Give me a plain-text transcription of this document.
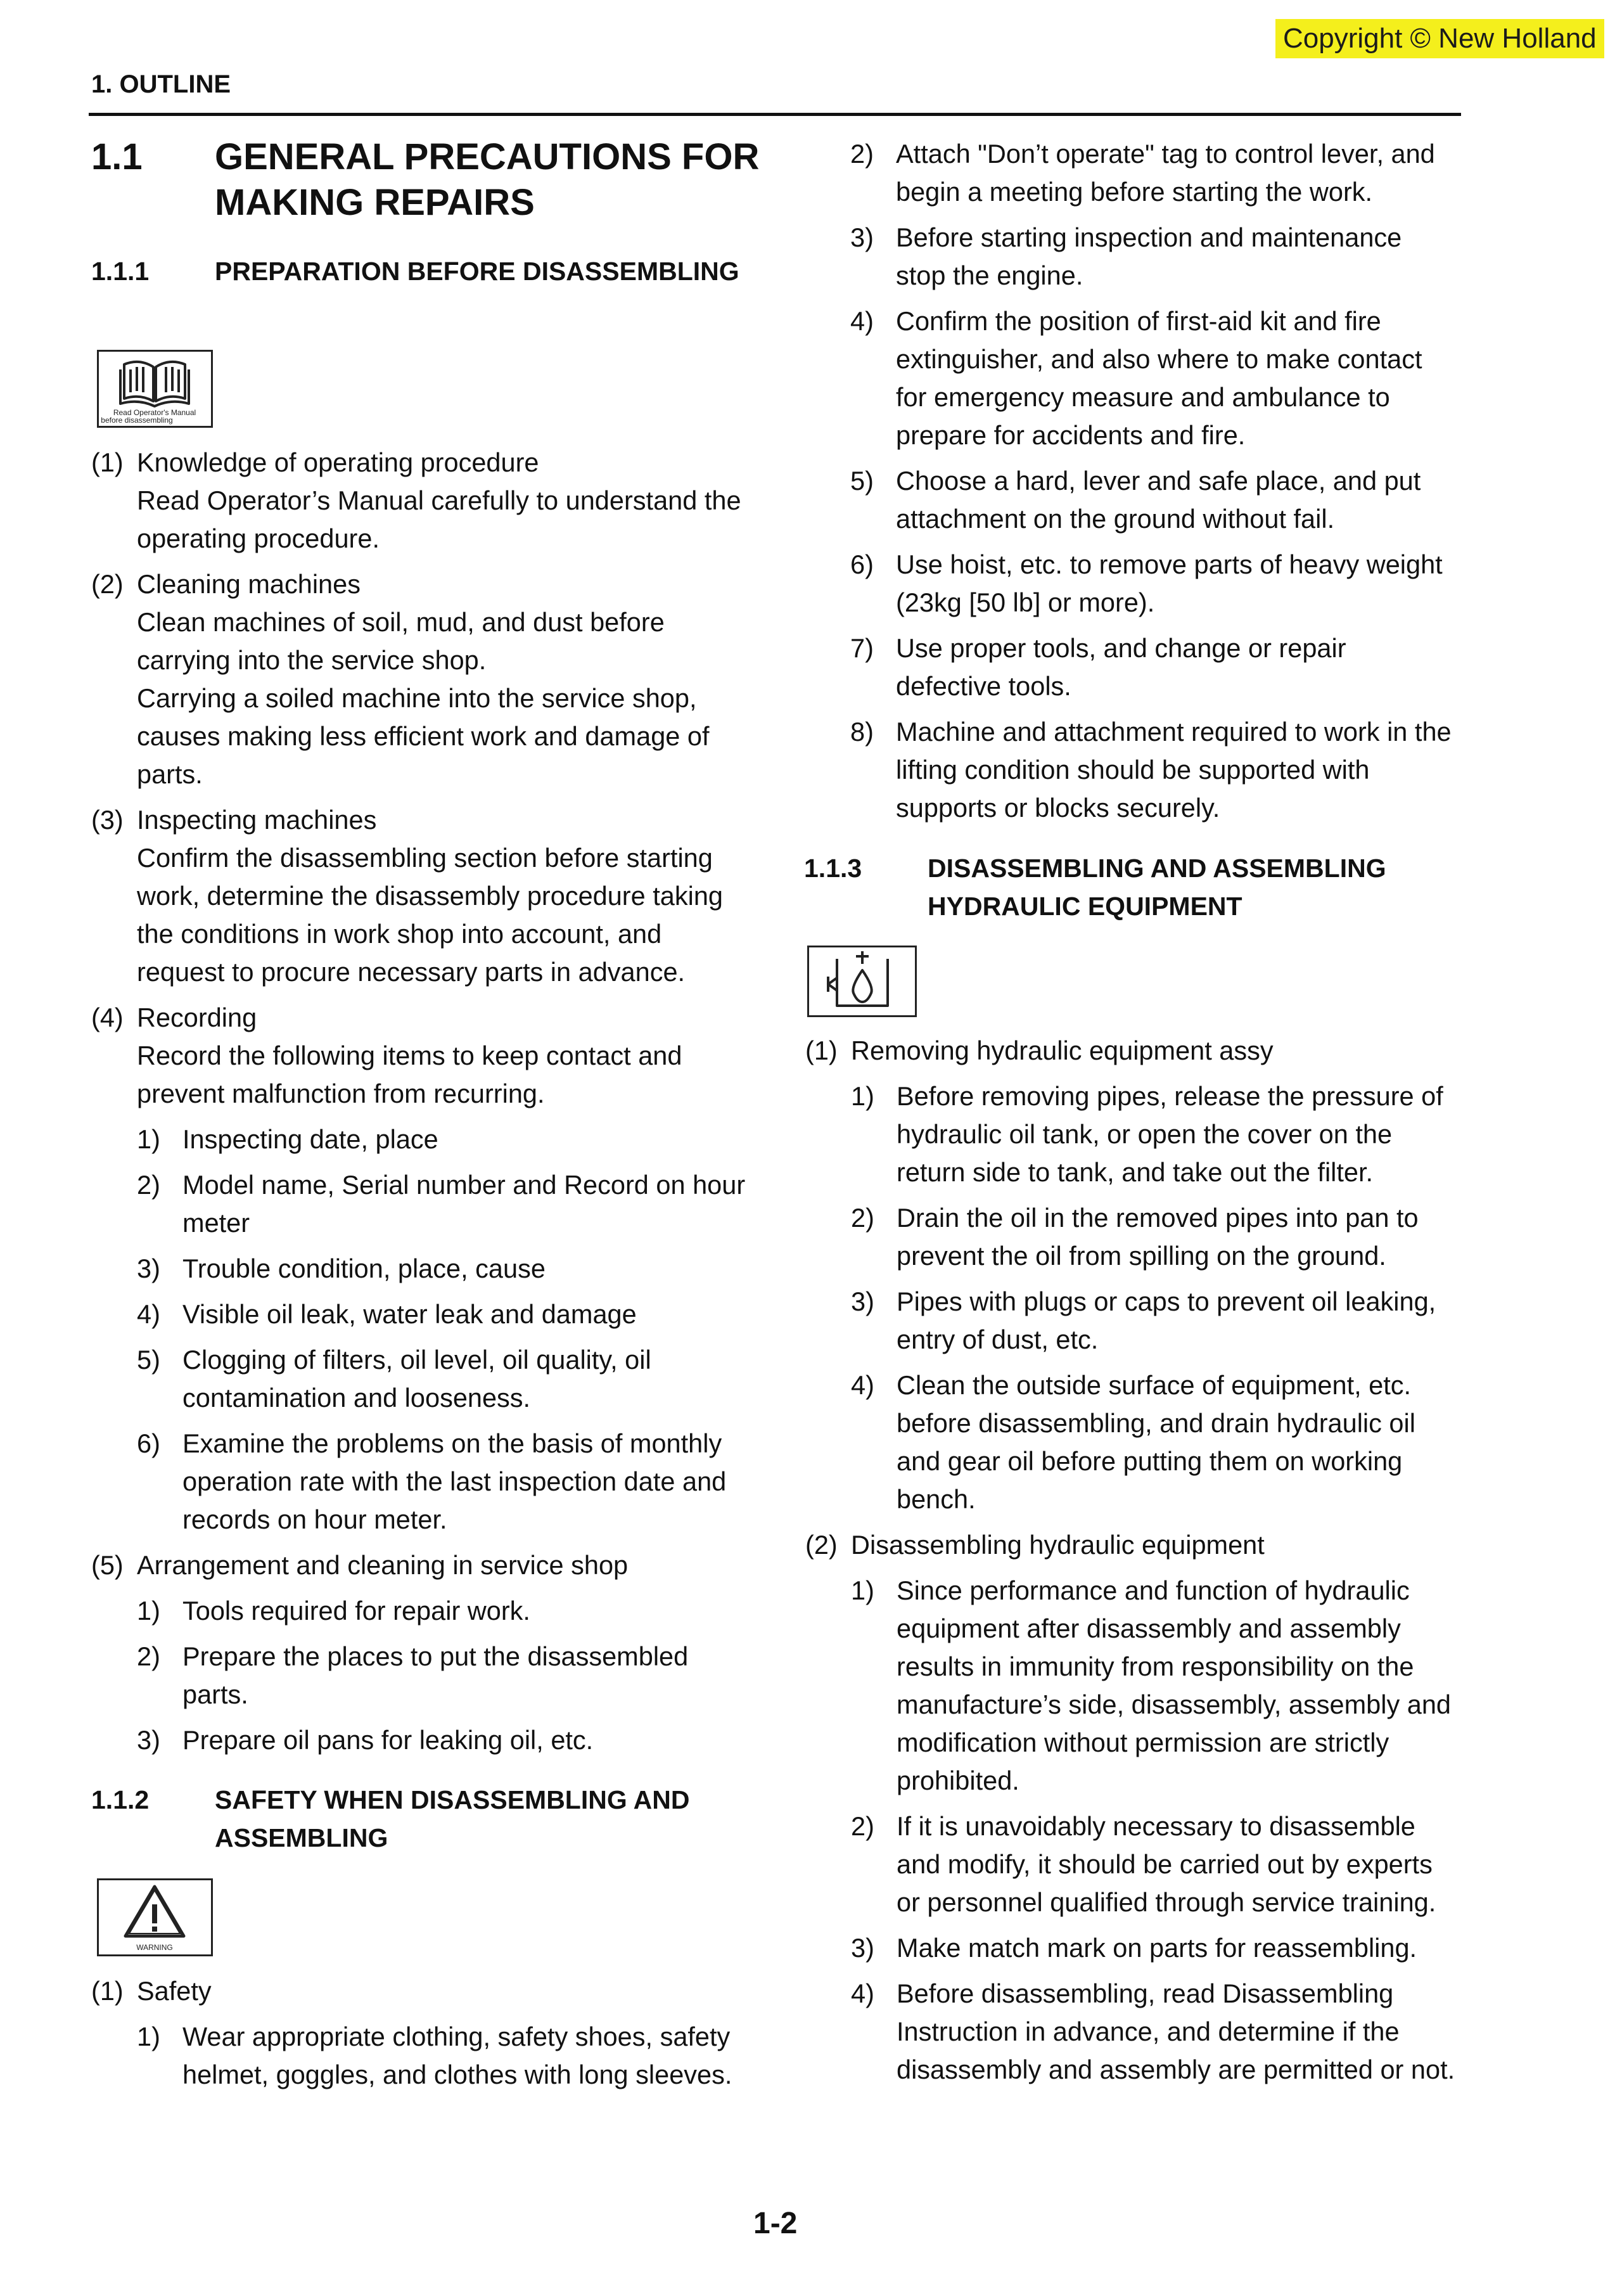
Copyright © New Holland
1. OUTLINE
1.1 GENERAL PRECAUTIONS FOR MAKING REPAIRS
1.1.1	PREPARATION BEFORE DISASSEMBLING
Read Operator's Manual
before disassembling
(1) Knowledge of operating procedure
Read Operator’s Manual carefully to understand the operating procedure.
(2) Cleaning machines
Clean machines of soil, mud, and dust before carrying into the service shop.
Carrying a soiled machine into the service shop, causes making less efficient work and damage of parts.
(3) Inspecting machines
Confirm the disassembling section before starting work, determine the disassembly procedure taking the conditions in work shop into account, and request to procure necessary parts in advance.
(4) Recording
Record the following items to keep contact and prevent malfunction from recurring.
1) Inspecting date, place
2) Model name, Serial number and Record on hour meter
3) Trouble condition, place, cause
4) Visible oil leak, water leak and damage
5) Clogging of filters, oil level, oil quality, oil contamination and looseness.
6) Examine the problems on the basis of monthly operation rate with the last inspection date and records on hour meter.
(5) Arrangement and cleaning in service shop
1) Tools required for repair work.
2) Prepare the places to put the disassembled parts.
3) Prepare oil pans for leaking oil, etc.
1.1.2	SAFETY WHEN DISASSEMBLING AND ASSEMBLING
WARNING
(1) Safety
1) Wear appropriate clothing, safety shoes, safety helmet, goggles, and clothes with long sleeves.
2) Attach "Don’t operate" tag to control lever, and begin a meeting before starting the work.
3) Before starting inspection and maintenance stop the engine.
4) Confirm the position of first-aid kit and fire extinguisher, and also where to make contact for emergency measure and ambulance to prepare for accidents and fire.
5) Choose a hard, lever and safe place, and put attachment on the ground without fail.
6) Use hoist, etc. to remove parts of heavy weight (23kg [50 lb] or more).
7) Use proper tools, and change or repair defective tools.
8) Machine and attachment required to work in the lifting condition should be supported with supports or blocks securely.
1.1.3	DISASSEMBLING AND ASSEMBLING HYDRAULIC EQUIPMENT
(1) Removing hydraulic equipment assy
1) Before removing pipes, release the pressure of hydraulic oil tank, or open the cover on the return side to tank, and take out the filter.
2) Drain the oil in the removed pipes into pan to prevent the oil from spilling on the ground.
3) Pipes with plugs or caps to prevent oil leaking, entry of dust, etc.
4) Clean the outside surface of equipment, etc. before disassembling, and drain hydraulic oil and gear oil before putting them on working bench.
(2) Disassembling hydraulic equipment
1) Since performance and function of hydraulic equipment after disassembly and assembly results in immunity from responsibility on the manufacture’s side, disassembly, assembly and modification without permission are strictly prohibited.
2) If it is unavoidably necessary to disassemble and modify, it should be carried out by experts or personnel qualified through service training.
3) Make match mark on parts for reassembling.
4) Before disassembling, read Disassembling Instruction in advance, and determine if the disassembly and assembly are permitted or not.
1-2
